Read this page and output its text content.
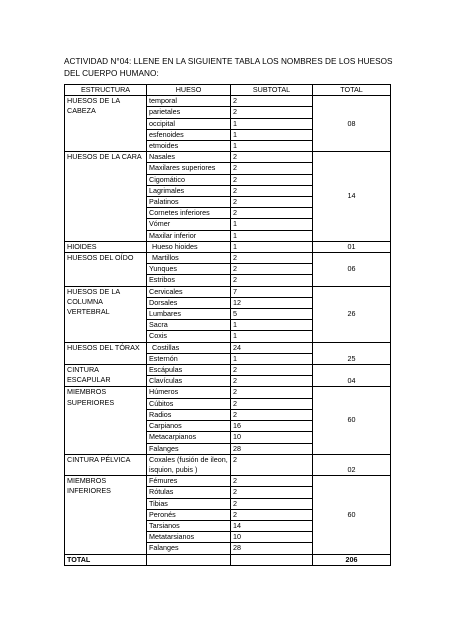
ACTIVIDAD N°04: LLENE EN LA SIGUIENTE TABLA LOS NOMBRES DE LOS HUESOS DEL CUERPO HUMANO:
ESTRUCTURA	HUESO	SUBTOTAL	TOTAL
HUESOS DE LA CABEZA	temporal	2	08
	parietales	2	
	occipital	1	
	esfenoides	1	
	etmoides	1	
HUESOS DE LA CARA	Nasales	2	14
	Maxilares superiores	2	
	Cigomático	2	
	Lagrimales	2	
	Palatinos	2	
	Cornetes inferiores	2	
	Vómer	1	
	Maxilar inferior	1	
HIOIDES	Hueso hioides	1	01
HUESOS DEL OÍDO	Martillos	2	06
	Yunques	2	
	Estribos	2	
HUESOS DE LA COLUMNA VERTEBRAL	Cervicales	7	26
	Dorsales	12	
	Lumbares	5	
	Sacra	1	
	Coxis	1	
HUESOS DEL TÓRAX	Costillas	24	25
	Esternón	1	
CINTURA ESCAPULAR	Escápulas	2	04
	Clavículas	2	
MIEMBROS SUPERIORES	Húmeros	2	60
	Cúbitos	2	
	Radios	2	
	Carpianos	16	
	Metacarpianos	10	
	Falanges	28	
CINTURA PÉLVICA	Coxales (fusión de ileon, isquion, pubis )	2	02
MIEMBROS INFERIORES	Fémures	2	60
	Rótulas	2	
	Tibias	2	
	Peronés	2	
	Tarsianos	14	
	Metatarsianos	10	
	Falanges	28	
TOTAL			206
